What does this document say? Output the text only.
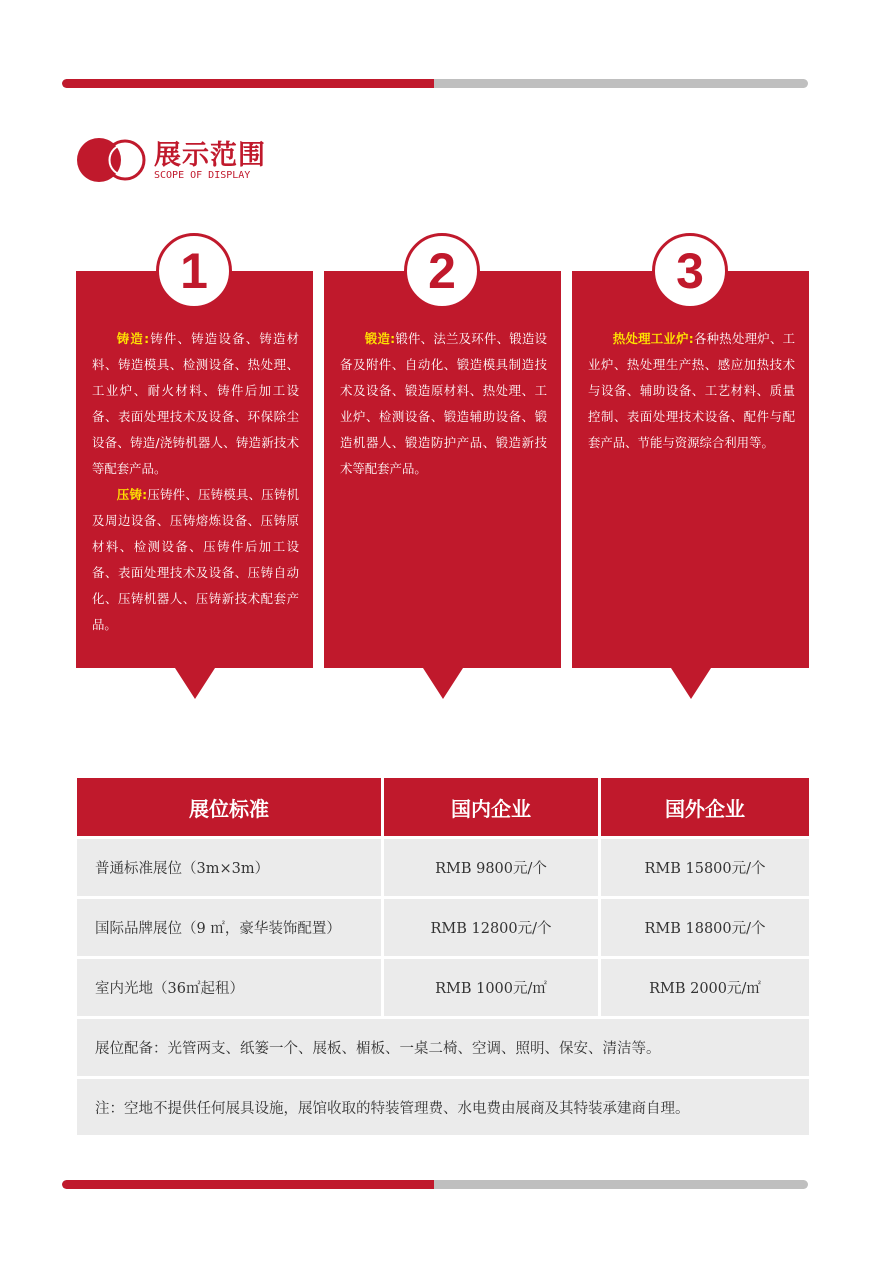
展示范围
SCOPE OF DISPLAY

铸造:铸件、铸造设备、铸造材料、铸造模具、检测设备、热处理、工业炉、耐火材料、铸件后加工设备、表面处理技术及设备、环保除尘设备、铸造/浇铸机器人、铸造新技术等配套产品。

压铸:压铸件、压铸模具、压铸机及周边设备、压铸熔炼设备、压铸原材料、检测设备、压铸件后加工设备、表面处理技术及设备、压铸自动化、压铸机器人、压铸新技术配套产品。

1

锻造:锻件、法兰及环件、锻造设备及附件、自动化、锻造模具制造技术及设备、锻造原材料、热处理、工业炉、检测设备、锻造辅助设备、锻造机器人、锻造防护产品、锻造新技术等配套产品。

2

热处理工业炉:各种热处理炉、工业炉、热处理生产热、感应加热技术与设备、辅助设备、工艺材料、质量控制、表面处理技术设备、配件与配套产品、节能与资源综合利用等。

3
展位标准	国内企业	国外企业
普通标准展位（3m×3m）	RMB 9800元/个	RMB 15800元/个
国际品牌展位（9 ㎡，豪华装饰配置）	RMB 12800元/个	RMB 18800元/个
室内光地（36㎡起租）	RMB 1000元/㎡	RMB 2000元/㎡
展位配备：光管两支、纸篓一个、展板、楣板、一桌二椅、空调、照明、保安、清洁等。
注：空地不提供任何展具设施，展馆收取的特装管理费、水电费由展商及其特装承建商自理。
